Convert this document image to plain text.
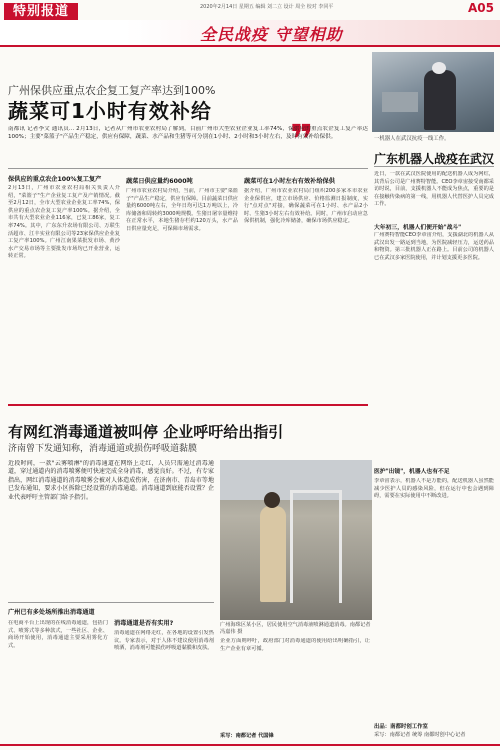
特别报道	2020年2月14日 星期五 编辑 刘二立 设计 周全 校对 李同平	A05
全民战疫 守望相助
广州保供应重点农企复工复产率达到100%
蔬菜可1小时有效补给
❞
南都讯 记者李文 通讯员... 2月13日，记者从广州市农业农村局了解到，目前广州市大型农业企业复工率74%，保供应的重点农企复工复产率达100%；主要"菜篮子"产品生产稳定，供应有保障，蔬菜、水产品和生猪等可分别在1小时、2小时和3小时左右，及时有效补给保供。
保供应的重点农企100%复工复产
2月13日，广州市农业农村局相关负责人介绍，"菜篮子"生产企业复工复产及产销情况。截至2月12日，全市大型农业企业复工率74%，保供应的重点农企复工复产率100%。据介绍，全市共有大型农业企业116家，已复工86家，复工率74%。其中，广东东升农场有限公司、万联生活超市、江丰实业有限公司等23家保供应企业复工复产率100%。广州江南果菜批发市场、黄沙水产交易市场等主要批发市场均已开业营业，运转正常。
蔬菜日供应量约6000吨
广州市农业农村局介绍，当前，广州市主要"菜篮子"产品生产稳定，供应有保障。目前蔬菜日供应量约6000吨左右，全年日均可达1万吨以上，冷库储备和周转约3000吨规模。生猪日屠宰量维持在正常水平，本地生猪存栏约120万头，水产品日供应量充足，可保障市场需求。
蔬菜可在1小时左右有效补给保供
据介绍，广州市农业农村局门组织200多家本市农业企业保供应，建立市场供应、价格监测日报制度，实行"点对点"对接，确保蔬菜可在1小时、水产品2小时、生猪3小时左右有效补给。同时，广州市启动应急保供机制，强化冷库储备，确保市场供应稳定。
一机器人在武汉抗疫一线工作。
广东机器人战疫在武汉
近日，一款在武汉医院使用的配送机器人成为网红，其背后公司是广州赛特智能。CEO李章宙接受南都采访时说，目前，支援机器人不能成为焦点，重要的是在接触传染病的第一线，用机器人代替医护人员完成工作。
大年初三，机器人们便开始"战斗"
广州赛特智能CEO李章宙介绍，支援湖北的机器人从武汉出发一路运到当地，为医院减轻压力，运送药品和物资。第三批机器人正在路上。目前公司的机器人已在武汉多家医院使用，并计划支援更多医院。
医护"出镜"，机器人也有不足
李章宙表示，机器人不是万能的，配送机器人虽然能减少医护人员的感染风险，但在运行中也会遇到障碍，需要在实际使用中不断改进。
出品：南都时创工作室
采写：南都记者 统筹 南都时创中心记者
有网红消毒通道被叫停 企业呼吁给出指引
济南曾下发通知称，消毒通道或损伤呼吸道黏膜
近段时间，一款"云雾喷淋"的消毒通道在网络上走红，人员只需通过消毒通道，穿过通道内的消毒喷雾便可快速完成全身消毒，感觉良好。不过，有专家指出，网红消毒通道的消毒喷雾会被对人体造成伤害，在济南市、青岛市等地已发布通知，要求小区拆除已经设置的消毒通道。消毒通道到底能否设置？企业代表呼吁主管部门给予指引。
广州已有多处场所推出消毒通道
在电商平台上出现的在线消毒通道，包括门式、喷雾式等多种款式，一些社区、企业、商场开始使用，消毒通道主要采用雾化方式。
广州海珠区某小区，居民使用空气消毒液喷淋通道消毒。南都记者 冯嘉伟 摄
消毒通道是否有实用?
消毒通道在网络走红，在各地的设置引发热议。专家表示，对于人体不建议使用消毒剂喷洒，消毒剂可能损伤呼吸道黏膜和皮肤。
企业方面则呼吁，政府部门对消毒通道的使用给出明确指引，让生产企业有章可循。
采写：南都记者 代国锋
